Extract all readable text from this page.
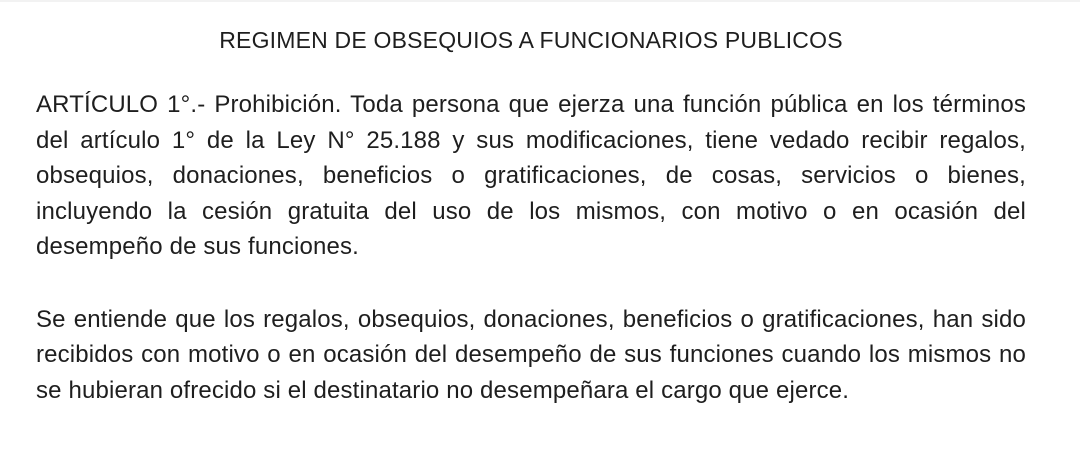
REGIMEN DE OBSEQUIOS A FUNCIONARIOS PUBLICOS

ARTÍCULO 1°.- Prohibición. Toda persona que ejerza una función pública en los términos del artículo 1° de la Ley N° 25.188 y sus modificaciones, tiene vedado recibir regalos, obsequios, donaciones, beneficios o gratificaciones, de cosas, servicios o bienes, incluyendo la cesión gratuita del uso de los mismos, con motivo o en ocasión del desempeño de sus funciones.

Se entiende que los regalos, obsequios, donaciones, beneficios o gratificaciones, han sido recibidos con motivo o en ocasión del desempeño de sus funciones cuando los mismos no se hubieran ofrecido si el destinatario no desempeñara el cargo que ejerce.
